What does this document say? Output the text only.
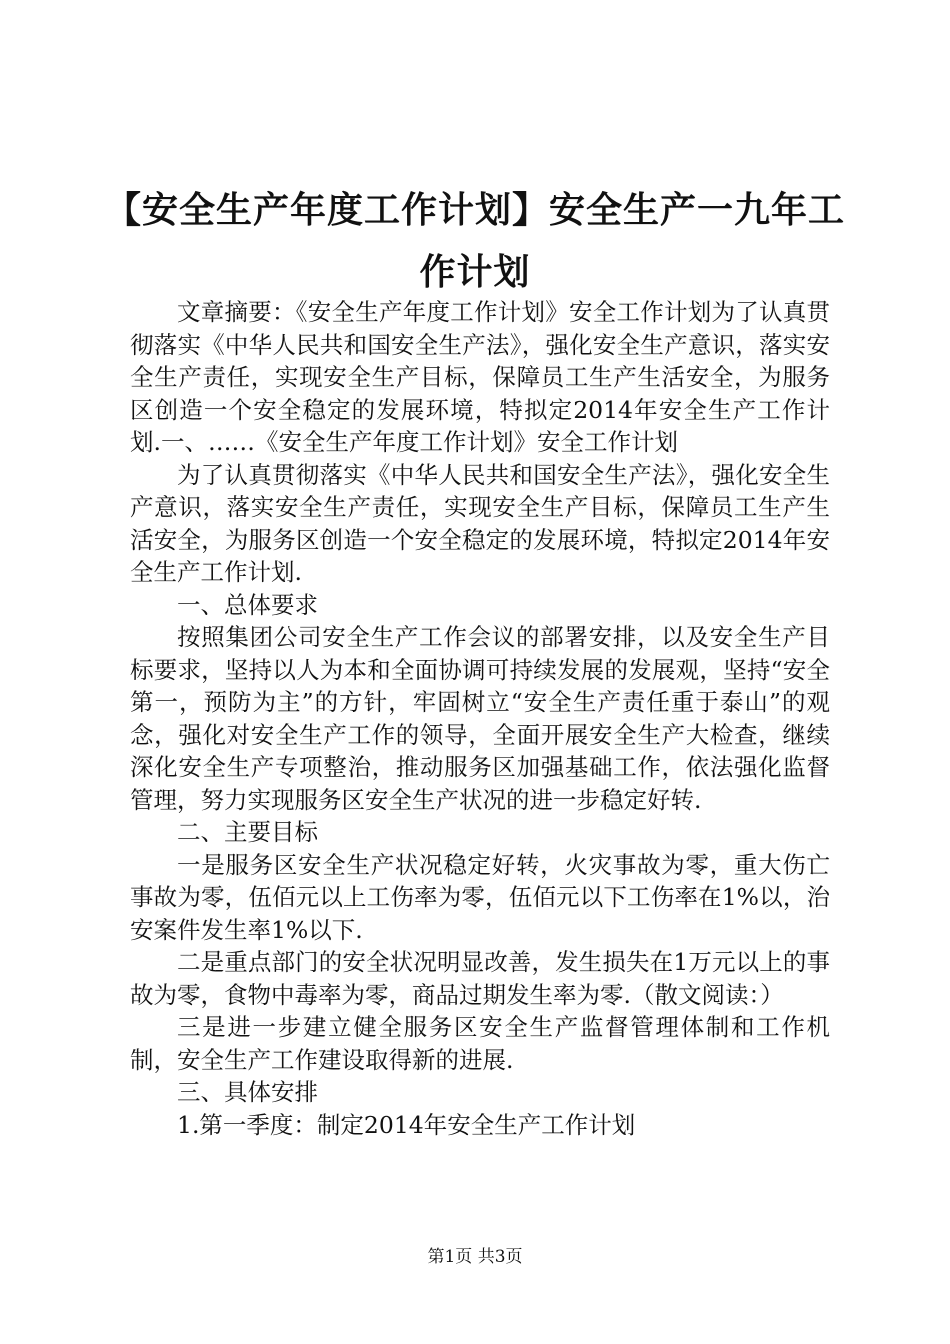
【安全生产年度工作计划】安全生产一九年工作计划

文章摘要：《安全生产年度工作计划》安全工作计划为了认真贯彻落实《中华人民共和国安全生产法》，强化安全生产意识，落实安全生产责任，实现安全生产目标，保障员工生产生活安全，为服务区创造一个安全稳定的发展环境，特拟定2014年安全生产工作计划.一、……《安全生产年度工作计划》安全工作计划

为了认真贯彻落实《中华人民共和国安全生产法》，强化安全生产意识，落实安全生产责任，实现安全生产目标，保障员工生产生活安全，为服务区创造一个安全稳定的发展环境，特拟定2014年安全生产工作计划.

一、总体要求

按照集团公司安全生产工作会议的部署安排，以及安全生产目标要求，坚持以人为本和全面协调可持续发展的发展观，坚持“安全第一，预防为主”的方针，牢固树立“安全生产责任重于泰山”的观念，强化对安全生产工作的领导，全面开展安全生产大检查，继续深化安全生产专项整治，推动服务区加强基础工作，依法强化监督管理，努力实现服务区安全生产状况的进一步稳定好转.

二、主要目标

一是服务区安全生产状况稳定好转，火灾事故为零，重大伤亡事故为零，伍佰元以上工伤率为零，伍佰元以下工伤率在1%以，治安案件发生率1%以下.

二是重点部门的安全状况明显改善，发生损失在1万元以上的事故为零，食物中毒率为零，商品过期发生率为零.（散文阅读：）

三是进一步建立健全服务区安全生产监督管理体制和工作机制，安全生产工作建设取得新的进展.

三、具体安排

1.第一季度：制定2014年安全生产工作计划

第1页 共3页
